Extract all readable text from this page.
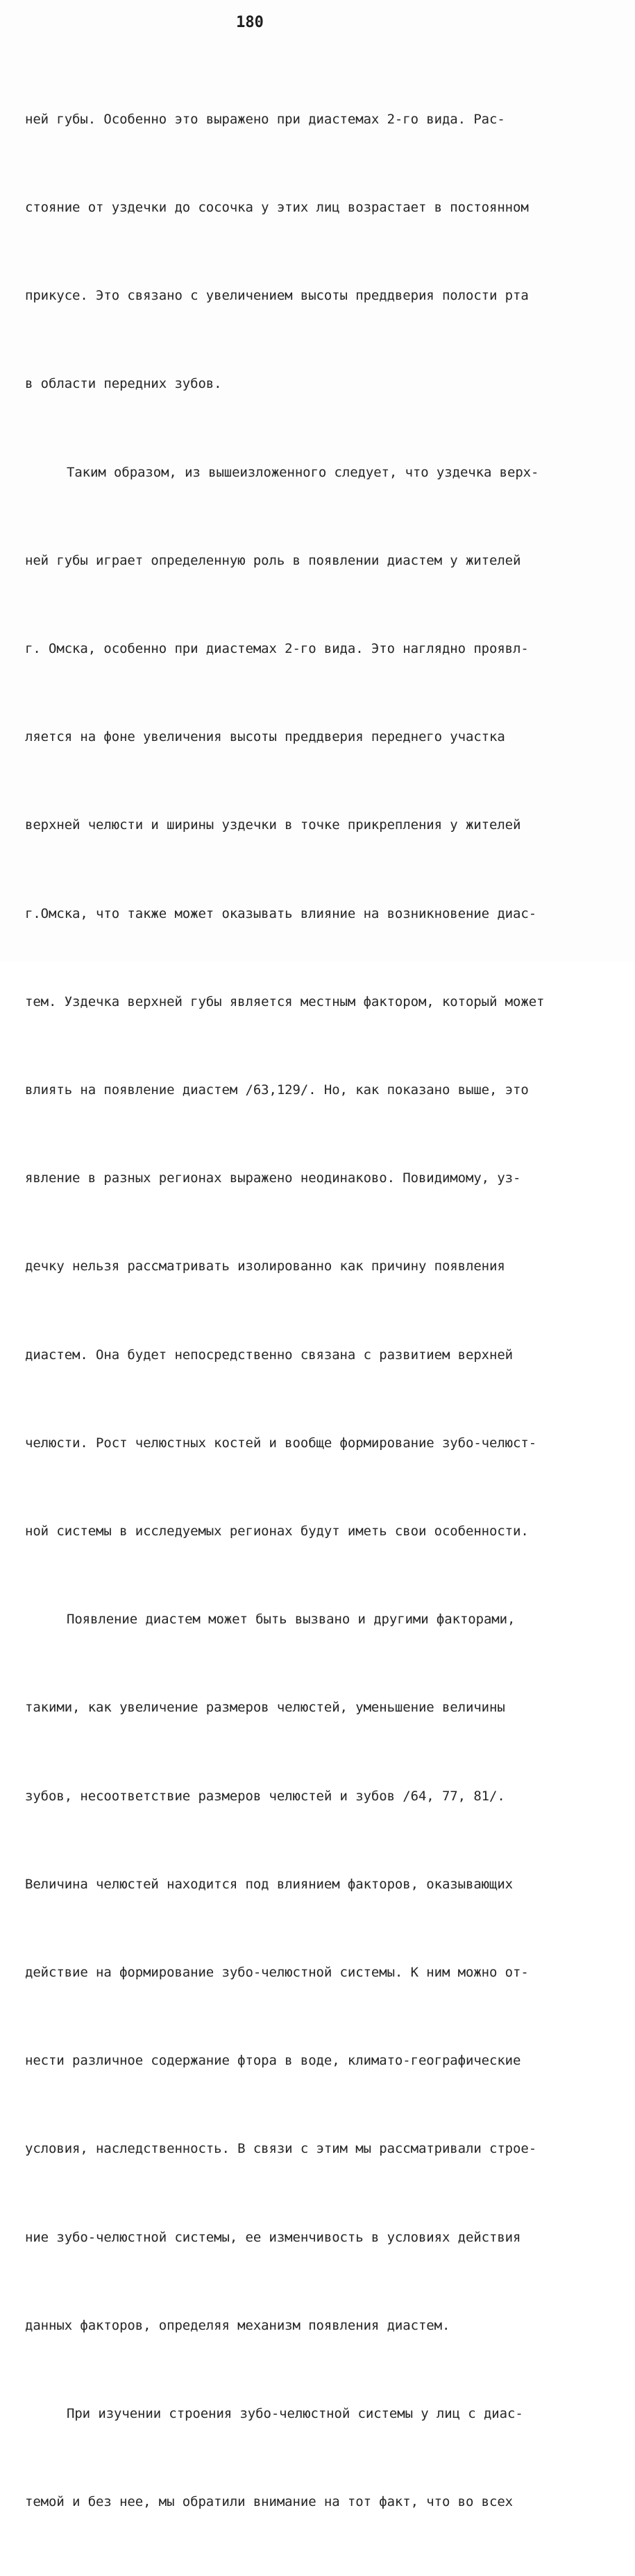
180

ней губы. Особенно это выражено при диастемах 2-го вида. Рас-

стояние от уздечки до сосочка у этих лиц возрастает в постоянном

прикусе. Это связано с увеличением высоты преддверия полости рта

в области передних зубов.

Таким образом, из вышеизложенного следует, что уздечка верх-

ней губы играет определенную роль в появлении диастем у жителей

г. Омска, особенно при диастемах 2-го вида. Это наглядно проявл-

ляется на фоне увеличения высоты преддверия переднего участка

верхней челюсти и ширины уздечки в точке прикрепления у жителей

г.Омска, что также может оказывать влияние на возникновение диас-

тем. Уздечка верхней губы является местным фактором, который может

влиять на появление диастем /63,129/. Но, как показано выше, это

явление в разных регионах выражено неодинаково. Повидимому, уз-

дечку нельзя рассматривать изолированно как причину появления

диастем. Она будет непосредственно связана с развитием верхней

челюсти. Рост челюстных костей и вообще формирование зубо-челюст-

ной системы в исследуемых регионах будут иметь свои особенности.

Появление диастем может быть вызвано и другими факторами,

такими, как увеличение размеров челюстей, уменьшение величины

зубов, несоответствие размеров челюстей и зубов /64, 77, 81/.

Величина челюстей находится под влиянием факторов, оказывающих

действие на формирование зубо-челюстной системы. К ним можно от-

нести различное содержание фтора в воде, климато-географические

условия, наследственность. В связи с этим мы рассматривали строе-

ние зубо-челюстной системы, ее изменчивость в условиях действия

данных факторов, определяя механизм появления диастем.

При изучении строения зубо-челюстной системы у лиц с диас-

темой и без нее, мы обратили внимание на тот факт, что во всех
